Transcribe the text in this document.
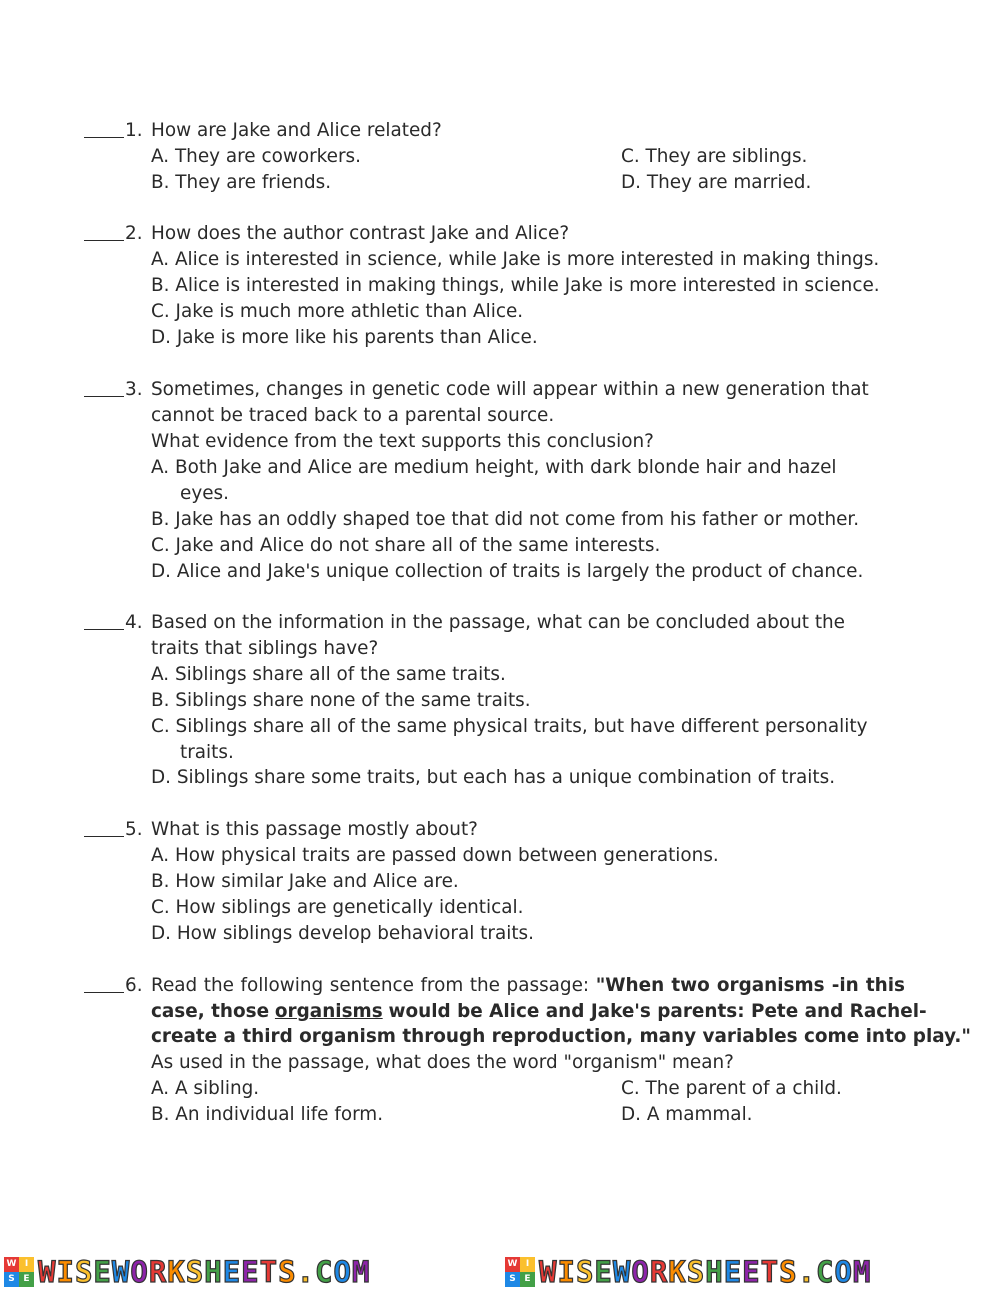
1. How are Jake and Alice related?
A. They are coworkers.	C. They are siblings.
B. They are friends.	D. They are married.
2. How does the author contrast Jake and Alice?
A. Alice is interested in science, while Jake is more interested in making things.
B. Alice is interested in making things, while Jake is more interested in science.
C. Jake is much more athletic than Alice.
D. Jake is more like his parents than Alice.
3. Sometimes, changes in genetic code will appear within a new generation that
cannot be traced back to a parental source.
What evidence from the text supports this conclusion?
A. Both Jake and Alice are medium height, with dark blonde hair and hazel
eyes.
B. Jake has an oddly shaped toe that did not come from his father or mother.
C. Jake and Alice do not share all of the same interests.
D. Alice and Jake's unique collection of traits is largely the product of chance.
4. Based on the information in the passage, what can be concluded about the
traits that siblings have?
A. Siblings share all of the same traits.
B. Siblings share none of the same traits.
C. Siblings share all of the same physical traits, but have different personality
traits.
D. Siblings share some traits, but each has a unique combination of traits.
5. What is this passage mostly about?
A. How physical traits are passed down between generations.
B. How similar Jake and Alice are.
C. How siblings are genetically identical.
D. How siblings develop behavioral traits.
6. Read the following sentence from the passage: "When two organisms -in this
case, those organisms would be Alice and Jake's parents: Pete and Rachel-
create a third organism through reproduction, many variables come into play."
As used in the passage, what does the word "organism" mean?
A. A sibling.	C. The parent of a child.
B. An individual life form.	D. A mammal.
W I
S E WISEWORKSHEETS.COM	W I
S E WISEWORKSHEETS.COM
